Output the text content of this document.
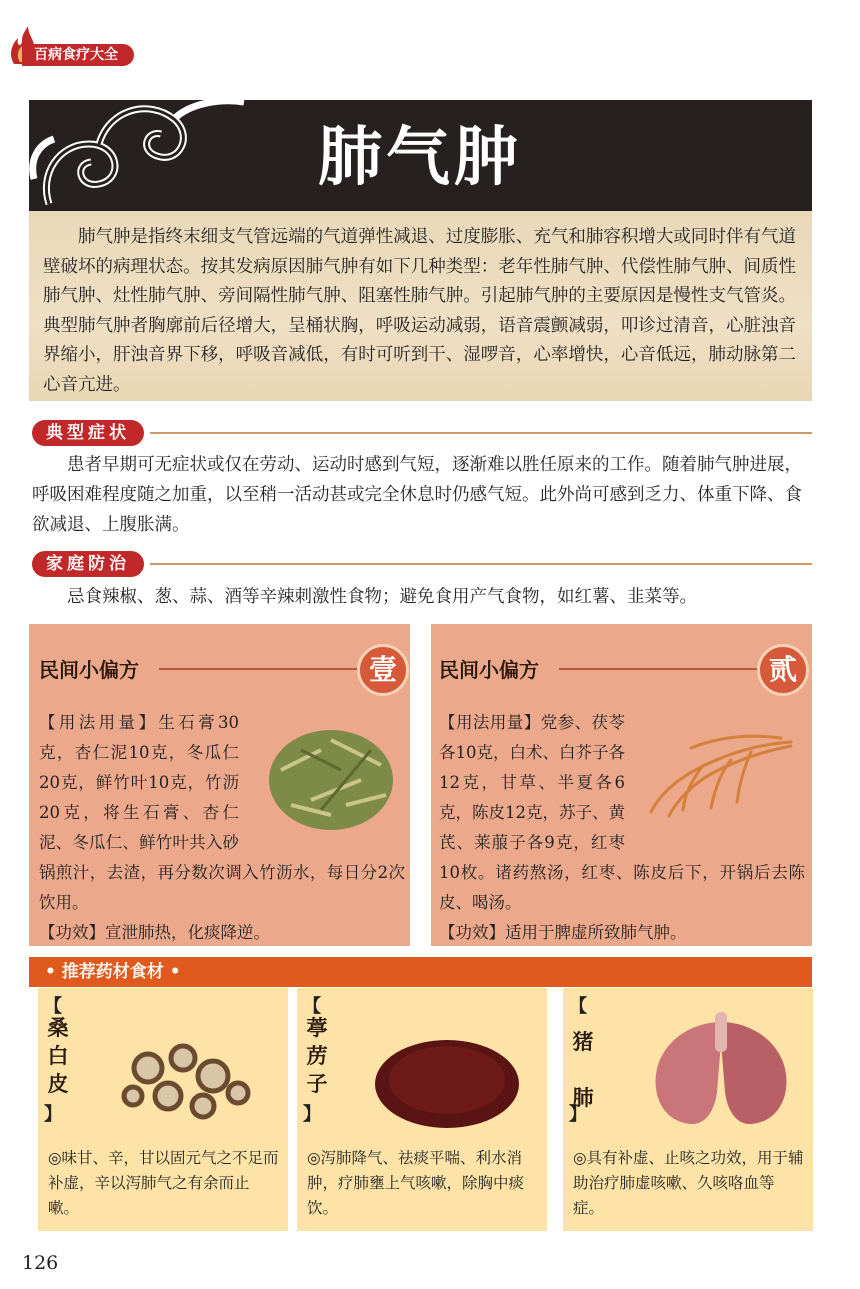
百病食疗大全
肺气肿
肺气肿是指终末细支气管远端的气道弹性减退、过度膨胀、充气和肺容积增大或同时伴有气道壁破坏的病理状态。按其发病原因肺气肿有如下几种类型：老年性肺气肿、代偿性肺气肿、间质性肺气肿、灶性肺气肿、旁间隔性肺气肿、阻塞性肺气肿。引起肺气肿的主要原因是慢性支气管炎。典型肺气肿者胸廓前后径增大，呈桶状胸，呼吸运动减弱，语音震颤减弱，叩诊过清音，心脏浊音界缩小，肝浊音界下移，呼吸音减低，有时可听到干、湿啰音，心率增快，心音低远，肺动脉第二心音亢进。
典型症状
患者早期可无症状或仅在劳动、运动时感到气短，逐渐难以胜任原来的工作。随着肺气肿进展，呼吸困难程度随之加重，以至稍一活动甚或完全休息时仍感气短。此外尚可感到乏力、体重下降、食欲减退、上腹胀满。
家庭防治
忌食辣椒、葱、蒜、酒等辛辣刺激性食物；避免食用产气食物，如红薯、韭菜等。
民间小偏方	壹
【用法用量】生石膏30克，杏仁泥10克，冬瓜仁20克，鲜竹叶10克，竹沥20克，将生石膏、杏仁泥、冬瓜仁、鲜竹叶共入砂锅煎汁，去渣，再分数次调入竹沥水，每日分2次饮用。
【功效】宣泄肺热，化痰降逆。
民间小偏方	贰
【用法用量】党参、茯苓各10克，白术、白芥子各12克，甘草、半夏各6克，陈皮12克，苏子、黄芪、莱菔子各9克，红枣10枚。诸药熬汤，红枣、陈皮后下，开锅后去陈皮、喝汤。
【功效】适用于脾虚所致肺气肿。
• 推荐药材食材 •
【
桑白皮
】
◎味甘、辛，甘以固元气之不足而补虚，辛以泻肺气之有余而止嗽。
【
葶苈子
】
◎泻肺降气、祛痰平喘、利水消肿，疗肺壅上气咳嗽，除胸中痰饮。
【
猪肺
】
◎具有补虚、止咳之功效，用于辅助治疗肺虚咳嗽、久咳咯血等症。
126
